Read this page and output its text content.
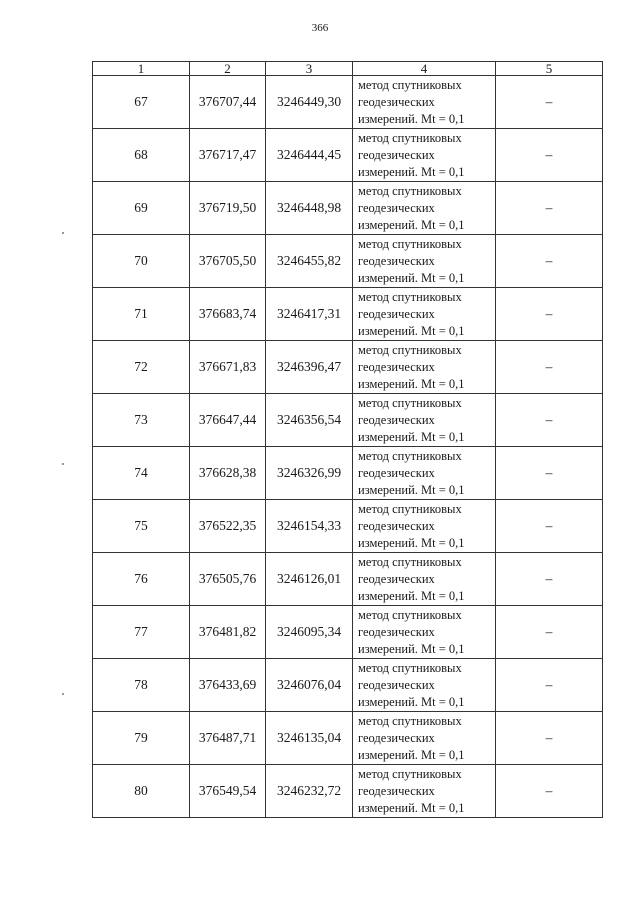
366
1	2	3	4	5
67	376707,44	3246449,30	метод спутниковых
геодезических
измерений. Mt = 0,1	–
68	376717,47	3246444,45	метод спутниковых
геодезических
измерений. Mt = 0,1	–
69	376719,50	3246448,98	метод спутниковых
геодезических
измерений. Mt = 0,1	–
70	376705,50	3246455,82	метод спутниковых
геодезических
измерений. Mt = 0,1	–
71	376683,74	3246417,31	метод спутниковых
геодезических
измерений. Mt = 0,1	–
72	376671,83	3246396,47	метод спутниковых
геодезических
измерений. Mt = 0,1	–
73	376647,44	3246356,54	метод спутниковых
геодезических
измерений. Mt = 0,1	–
74	376628,38	3246326,99	метод спутниковых
геодезических
измерений. Mt = 0,1	–
75	376522,35	3246154,33	метод спутниковых
геодезических
измерений. Mt = 0,1	–
76	376505,76	3246126,01	метод спутниковых
геодезических
измерений. Mt = 0,1	–
77	376481,82	3246095,34	метод спутниковых
геодезических
измерений. Mt = 0,1	–
78	376433,69	3246076,04	метод спутниковых
геодезических
измерений. Mt = 0,1	–
79	376487,71	3246135,04	метод спутниковых
геодезических
измерений. Mt = 0,1	–
80	376549,54	3246232,72	метод спутниковых
геодезических
измерений. Mt = 0,1	–
